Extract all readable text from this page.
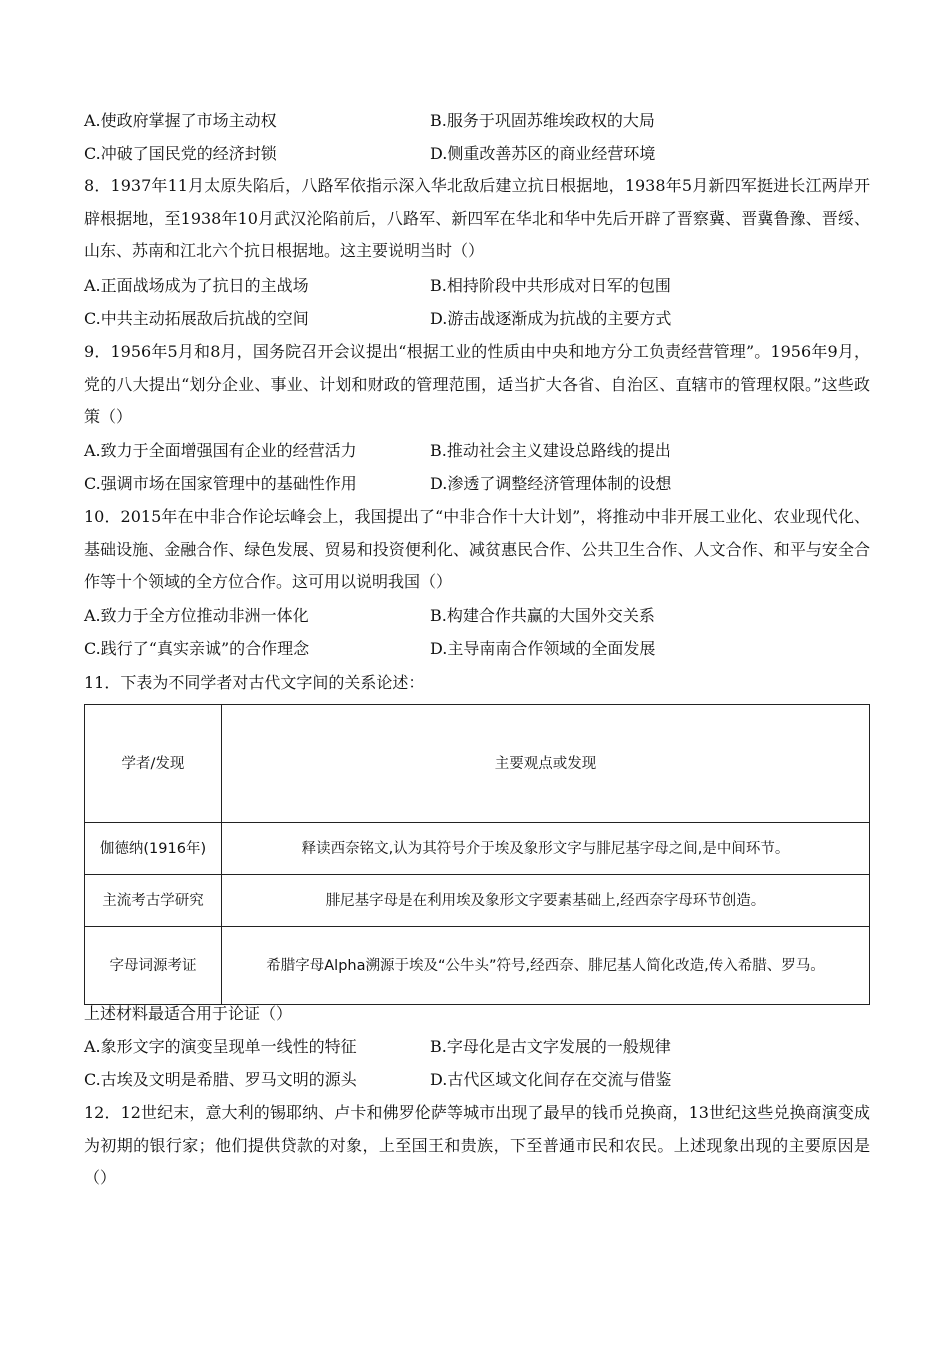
A.使政府掌握了市场主动权	B.服务于巩固苏维埃政权的大局
C.冲破了国民党的经济封锁	D.侧重改善苏区的商业经营环境
8．1937年11月太原失陷后，八路军依指示深入华北敌后建立抗日根据地，1938年5月新四军挺进长江两岸开辟根据地，至1938年10月武汉沦陷前后，八路军、新四军在华北和华中先后开辟了晋察冀、晋冀鲁豫、晋绥、山东、苏南和江北六个抗日根据地。这主要说明当时（）
A.正面战场成为了抗日的主战场	B.相持阶段中共形成对日军的包围
C.中共主动拓展敌后抗战的空间	D.游击战逐渐成为抗战的主要方式
9．1956年5月和8月，国务院召开会议提出“根据工业的性质由中央和地方分工负责经营管理”。1956年9月，党的八大提出“划分企业、事业、计划和财政的管理范围，适当扩大各省、自治区、直辖市的管理权限。”这些政策（）
A.致力于全面增强国有企业的经营活力	B.推动社会主义建设总路线的提出
C.强调市场在国家管理中的基础性作用	D.渗透了调整经济管理体制的设想
10．2015年在中非合作论坛峰会上，我国提出了“中非合作十大计划”，将推动中非开展工业化、农业现代化、基础设施、金融合作、绿色发展、贸易和投资便利化、减贫惠民合作、公共卫生合作、人文合作、和平与安全合作等十个领域的全方位合作。这可用以说明我国（）
A.致力于全方位推动非洲一体化	B.构建合作共赢的大国外交关系
C.践行了“真实亲诚”的合作理念	D.主导南南合作领域的全面发展
11．下表为不同学者对古代文字间的关系论述：
学者/发现	主要观点或发现
伽德纳(1916年)	释读西奈铭文,认为其符号介于埃及象形文字与腓尼基字母之间,是中间环节。
主流考古学研究	腓尼基字母是在利用埃及象形文字要素基础上,经西奈字母环节创造。
字母词源考证	希腊字母Alpha溯源于埃及“公牛头”符号,经西奈、腓尼基人简化改造,传入希腊、罗马。
上述材料最适合用于论证（）
A.象形文字的演变呈现单一线性的特征	B.字母化是古文字发展的一般规律
C.古埃及文明是希腊、罗马文明的源头	D.古代区域文化间存在交流与借鉴
12．12世纪末，意大利的锡耶纳、卢卡和佛罗伦萨等城市出现了最早的钱币兑换商，13世纪这些兑换商演变成为初期的银行家；他们提供贷款的对象，上至国王和贵族，下至普通市民和农民。上述现象出现的主要原因是（）
